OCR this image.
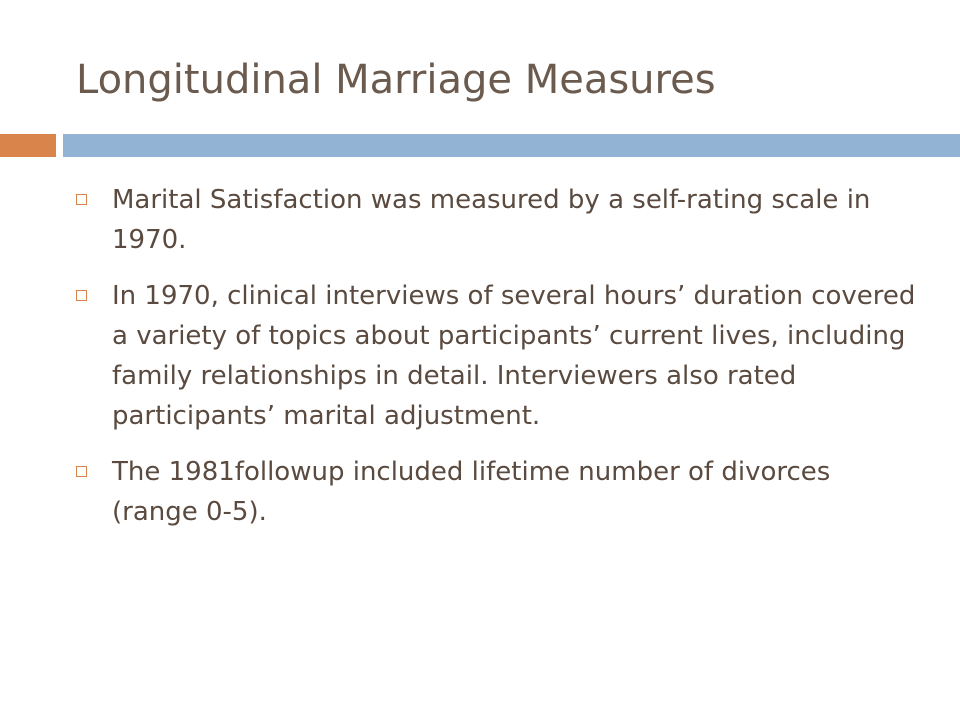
Longitudinal Marriage Measures
Marital Satisfaction was measured by a self-rating scale in 1970.
In 1970, clinical interviews of several hours’ duration covered a variety of topics about participants’ current lives, including family relationships in detail. Interviewers also rated participants’ marital adjustment.
The 1981followup included lifetime number of divorces (range 0-5).
